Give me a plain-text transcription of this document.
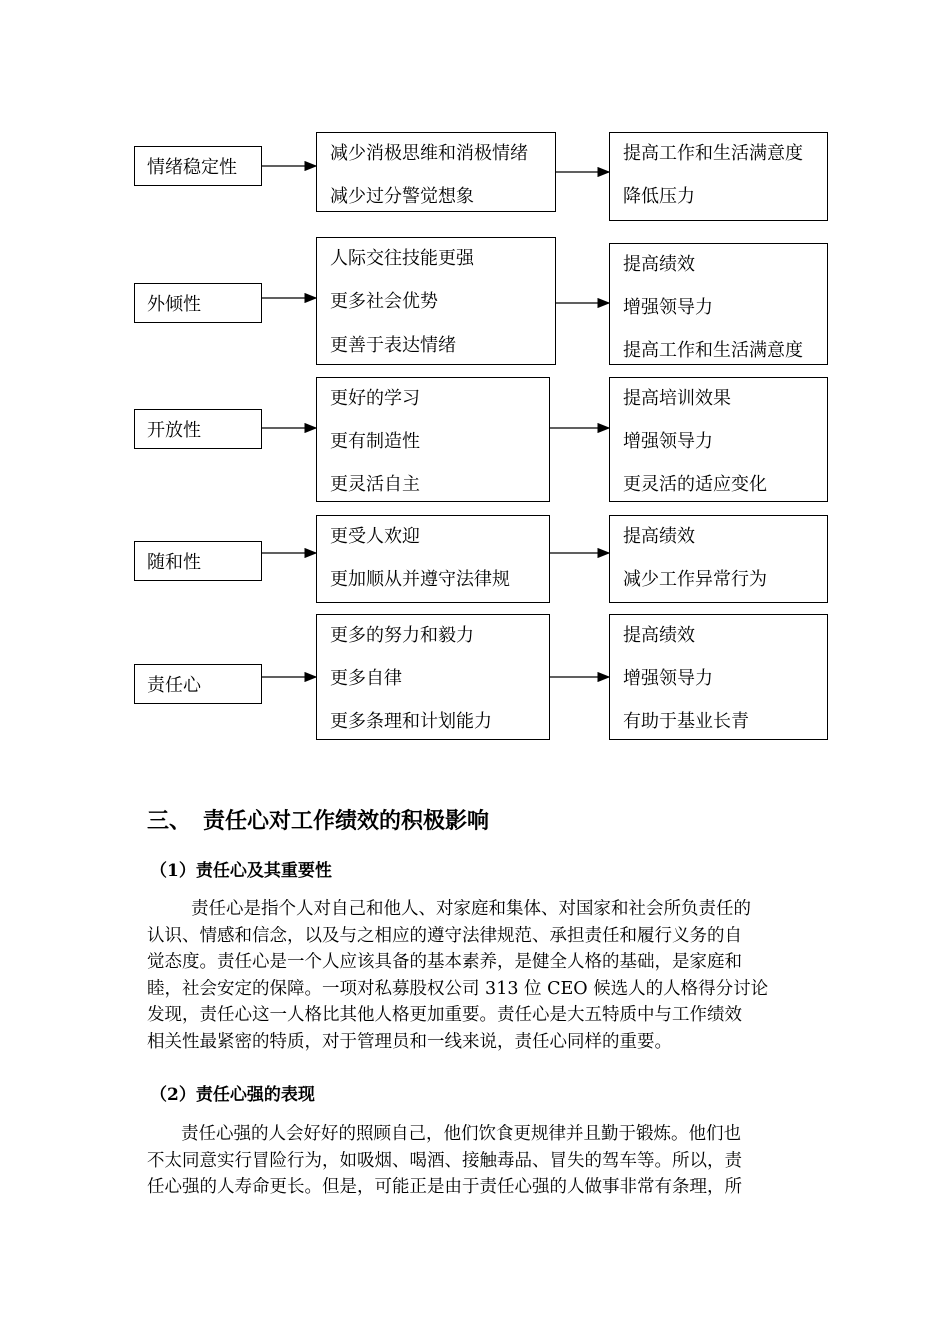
情绪稳定性
减少消极思维和消极情绪
减少过分警觉想象
提高工作和生活满意度
降低压力
外倾性
人际交往技能更强
更多社会优势
更善于表达情绪
提高绩效
增强领导力
提高工作和生活满意度
开放性
更好的学习
更有制造性
更灵活自主
提高培训效果
增强领导力
更灵活的适应变化
随和性
更受人欢迎
更加顺从并遵守法律规
提高绩效
减少工作异常行为
责任心
更多的努力和毅力
更多自律
更多条理和计划能力
提高绩效
增强领导力
有助于基业长青
三、 责任心对工作绩效的积极影响
（1）责任心及其重要性

责任心是指个人对自己和他人、对家庭和集体、对国家和社会所负责任的

认识、情感和信念，以及与之相应的遵守法律规范、承担责任和履行义务的自

觉态度。责任心是一个人应该具备的基本素养，是健全人格的基础，是家庭和

睦，社会安定的保障。一项对私募股权公司 313 位 CEO 候选人的人格得分讨论

发现，责任心这一人格比其他人格更加重要。责任心是大五特质中与工作绩效

相关性最紧密的特质，对于管理员和一线来说，责任心同样的重要。

（2）责任心强的表现

责任心强的人会好好的照顾自己，他们饮食更规律并且勤于锻炼。他们也

不太同意实行冒险行为，如吸烟、喝酒、接触毒品、冒失的驾车等。所以，责

任心强的人寿命更长。但是，可能正是由于责任心强的人做事非常有条理，所
